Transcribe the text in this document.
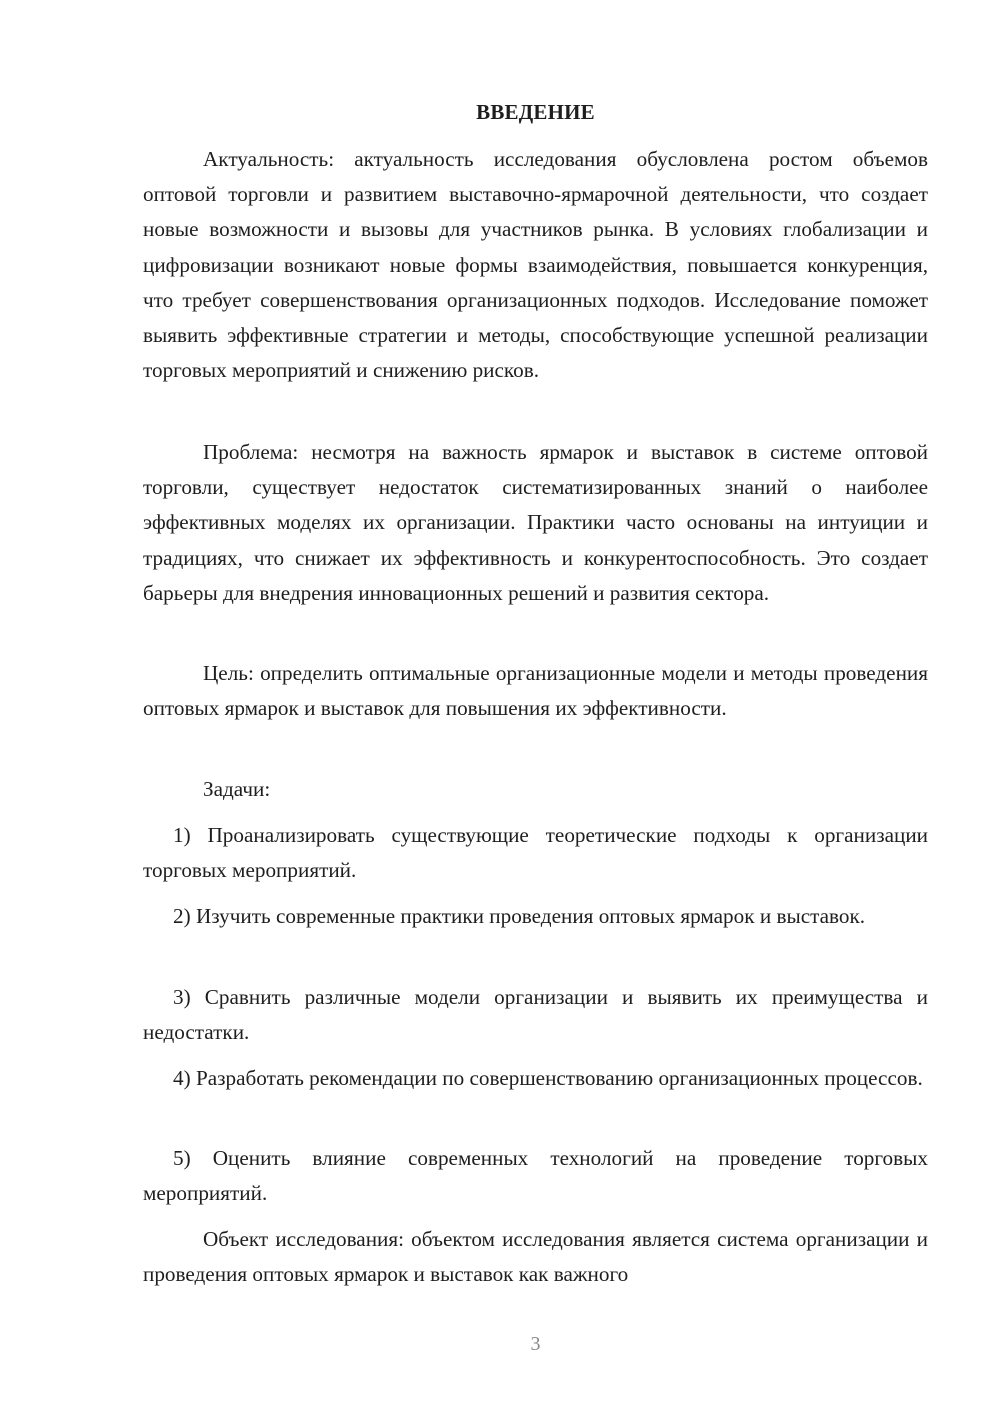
ВВЕДЕНИЕ

Актуальность: актуальность исследования обусловлена ростом объемов оптовой торговли и развитием выставочно-ярмарочной деятельности, что создает новые возможности и вызовы для участников рынка. В условиях глобализации и цифровизации возникают новые формы взаимодействия, повышается конкуренция, что требует совершенствования организационных подходов. Исследование поможет выявить эффективные стратегии и методы, способствующие успешной реализации торговых мероприятий и снижению рисков.

Проблема: несмотря на важность ярмарок и выставок в системе оптовой торговли, существует недостаток систематизированных знаний о наиболее эффективных моделях их организации. Практики часто основаны на интуиции и традициях, что снижает их эффективность и конкурентоспособность. Это создает барьеры для внедрения инновационных решений и развития сектора.

Цель: определить оптимальные организационные модели и методы проведения оптовых ярмарок и выставок для повышения их эффективности.

Задачи:

1) Проанализировать существующие теоретические подходы к организации торговых мероприятий.

2) Изучить современные практики проведения оптовых ярмарок и выставок.

3) Сравнить различные модели организации и выявить их преимущества и недостатки.

4) Разработать рекомендации по совершенствованию организационных процессов.

5) Оценить влияние современных технологий на проведение торговых мероприятий.

Объект исследования: объектом исследования является система организации и проведения оптовых ярмарок и выставок как важного

3
